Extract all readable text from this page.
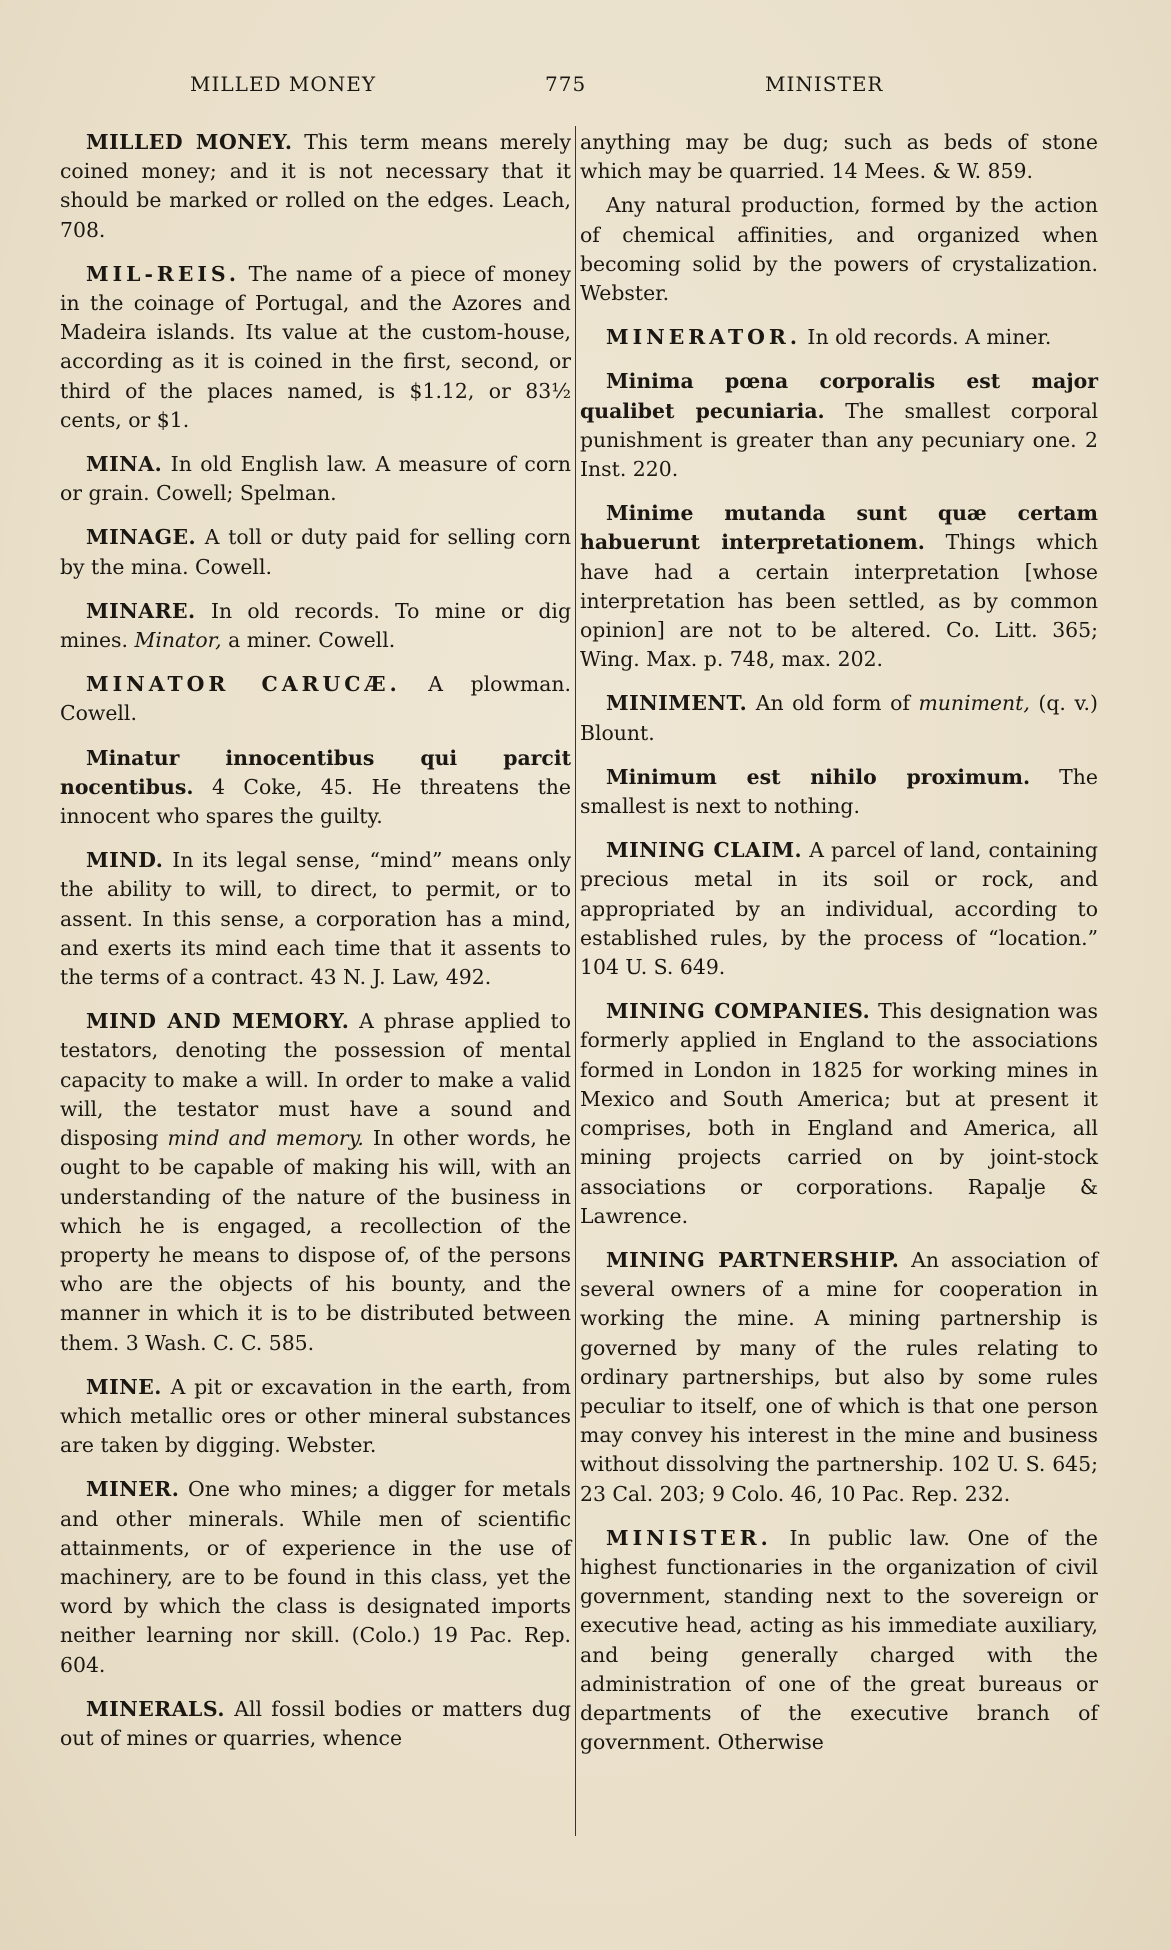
MILLED MONEY	775	MINISTER

MILLED MONEY. This term means merely coined money; and it is not necessary that it should be marked or rolled on the edges. Leach, 708.

MIL-REIS. The name of a piece of money in the coinage of Portugal, and the Azores and Madeira islands. Its value at the custom-house, according as it is coined in the first, second, or third of the places named, is $1.12, or 83½ cents, or $1.

MINA. In old English law. A measure of corn or grain. Cowell; Spelman.

MINAGE. A toll or duty paid for selling corn by the mina. Cowell.

MINARE. In old records. To mine or dig mines. Minator, a miner. Cowell.

MINATOR CARUCÆ. A plowman. Cowell.

Minatur innocentibus qui parcit nocentibus. 4 Coke, 45. He threatens the innocent who spares the guilty.

MIND. In its legal sense, “mind” means only the ability to will, to direct, to permit, or to assent. In this sense, a corporation has a mind, and exerts its mind each time that it assents to the terms of a contract. 43 N. J. Law, 492.

MIND AND MEMORY. A phrase applied to testators, denoting the possession of mental capacity to make a will. In order to make a valid will, the testator must have a sound and disposing mind and memory. In other words, he ought to be capable of making his will, with an understanding of the nature of the business in which he is engaged, a recollection of the property he means to dispose of, of the persons who are the objects of his bounty, and the manner in which it is to be distributed between them. 3 Wash. C. C. 585.

MINE. A pit or excavation in the earth, from which metallic ores or other mineral substances are taken by digging. Webster.

MINER. One who mines; a digger for metals and other minerals. While men of scientific attainments, or of experience in the use of machinery, are to be found in this class, yet the word by which the class is designated imports neither learning nor skill. (Colo.) 19 Pac. Rep. 604.

MINERALS. All fossil bodies or matters dug out of mines or quarries, whence

anything may be dug; such as beds of stone which may be quarried. 14 Mees. & W. 859.

Any natural production, formed by the action of chemical affinities, and organized when becoming solid by the powers of crystalization. Webster.

MINERATOR. In old records. A miner.

Minima pœna corporalis est major qualibet pecuniaria. The smallest corporal punishment is greater than any pecuniary one. 2 Inst. 220.

Minime mutanda sunt quæ certam habuerunt interpretationem. Things which have had a certain interpretation [whose interpretation has been settled, as by common opinion] are not to be altered. Co. Litt. 365; Wing. Max. p. 748, max. 202.

MINIMENT. An old form of muniment, (q. v.) Blount.

Minimum est nihilo proximum. The smallest is next to nothing.

MINING CLAIM. A parcel of land, containing precious metal in its soil or rock, and appropriated by an individual, according to established rules, by the process of “location.” 104 U. S. 649.

MINING COMPANIES. This designation was formerly applied in England to the associations formed in London in 1825 for working mines in Mexico and South America; but at present it comprises, both in England and America, all mining projects carried on by joint-stock associations or corporations. Rapalje & Lawrence.

MINING PARTNERSHIP. An association of several owners of a mine for cooperation in working the mine. A mining partnership is governed by many of the rules relating to ordinary partnerships, but also by some rules peculiar to itself, one of which is that one person may convey his interest in the mine and business without dissolving the partnership. 102 U. S. 645; 23 Cal. 203; 9 Colo. 46, 10 Pac. Rep. 232.

MINISTER. In public law. One of the highest functionaries in the organization of civil government, standing next to the sovereign or executive head, acting as his immediate auxiliary, and being generally charged with the administration of one of the great bureaus or departments of the executive branch of government. Otherwise
